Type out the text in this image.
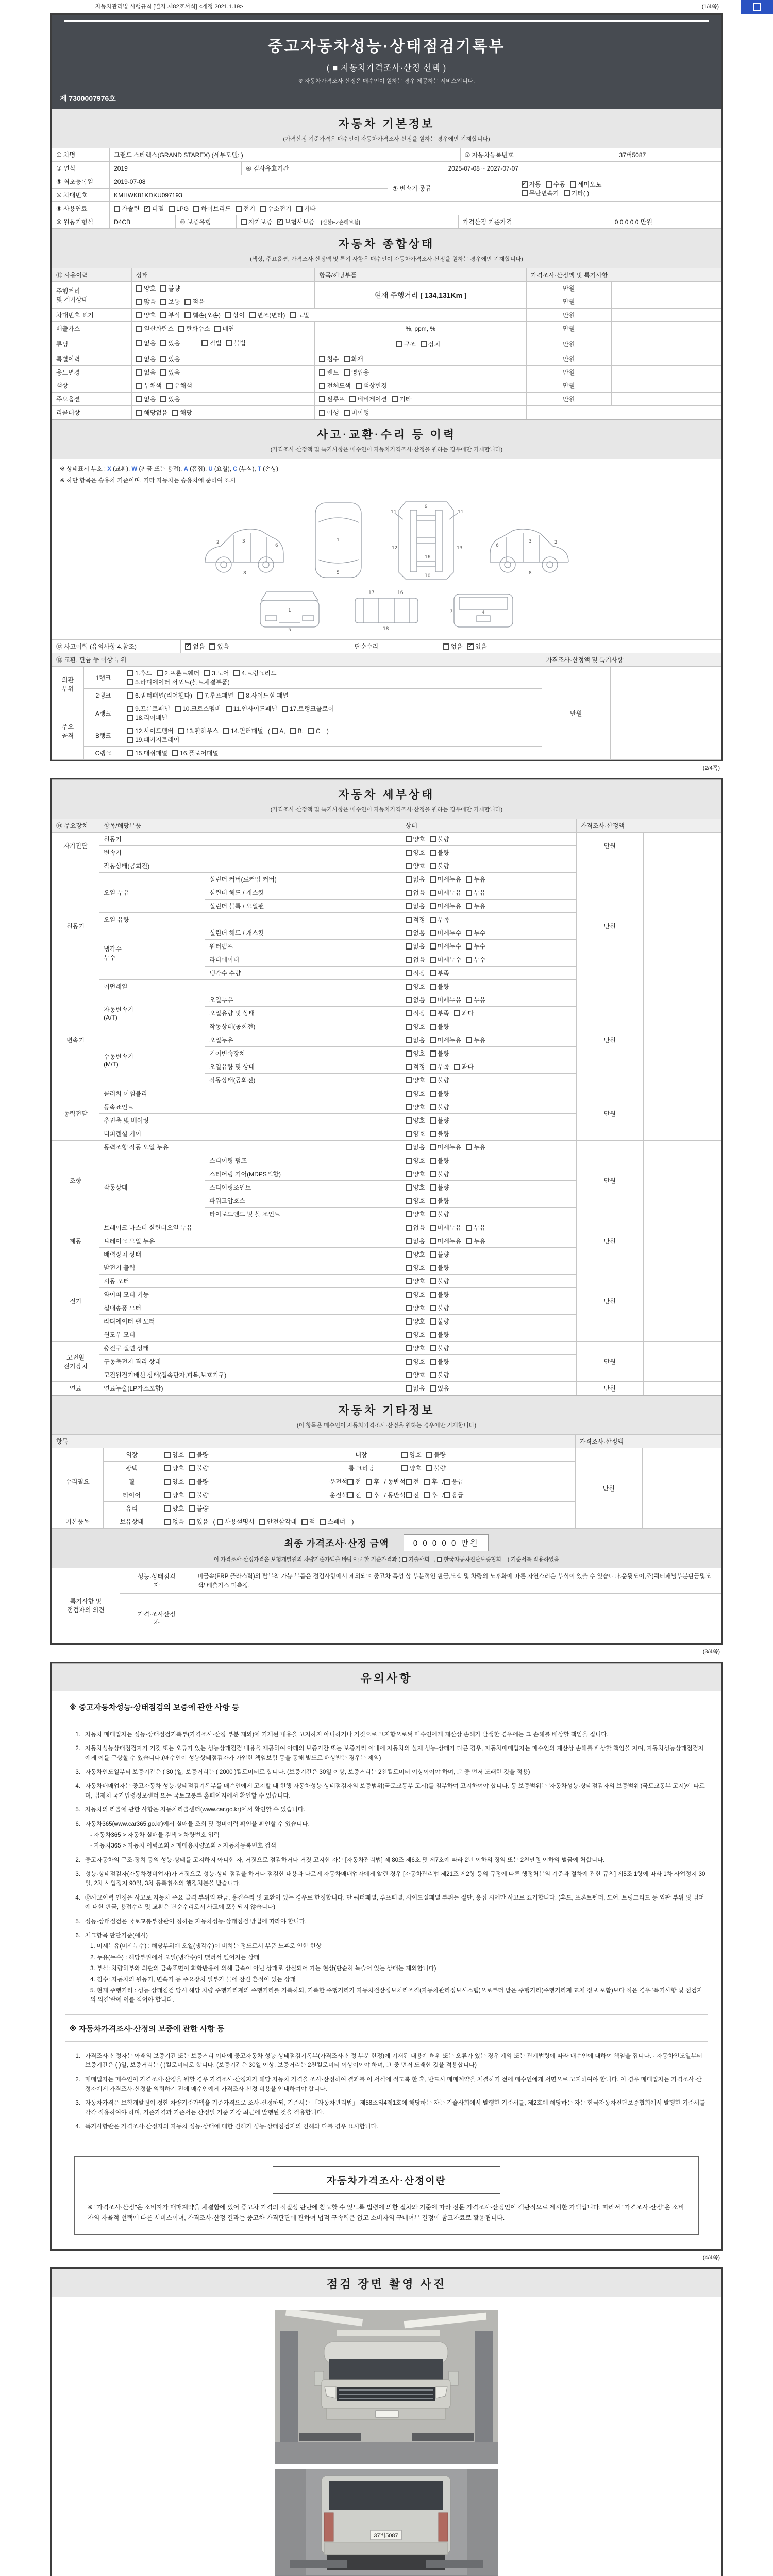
자동차관리법 시행규칙 [별지 제82호서식] <개정 2021.1.19>	(1/4쪽)
중고자동차성능·상태점검기록부
( ■ 자동차가격조사·산정 선택 )
※ 자동차가격조사·산정은 매수인이 원하는 경우 제공하는 서비스입니다.
제 7300007976호
자동차 기본정보
(가격산정 기준가격은 매수인이 자동차가격조사·산정을 원하는 경우에만 기재합니다)
① 차명	그랜드 스타렉스(GRAND STAREX) (세부모델: )	② 자동차등록번호	37버5087
③ 연식	2019	④ 검사유효기간	2025-07-08 ~ 2027-07-07
⑤ 최초등록일	2019-07-08	⑦ 변속기 종류	✓자동 수동 세미오토
무단변속기 기타( )
⑥ 차대번호	KMHWK81KDKU097193		
⑧ 사용연료	가솔린 ✓ 디젤 LPG 하이브리드 전기 수소전기 기타
⑨ 원동기형식	D4CB	⑩ 보증유형	자가보증 ✓ 보험사보증 [신한EZ손해보험]	가격산정 기준가격	0 0 0 0 0 만원
자동차 종합상태
(색상, 주요옵션, 가격조사·산정액 및 특기 사항은 매수인이 자동차가격조사·산정을 원하는 경우에만 기재합니다)
⑪ 사용이력	상태	항목/해당부품	가격조사·산정액 및 특기사항	
주행거리
및 계기상태	양호 불량	현재 주행거리 [ 134,131Km ]	만원	
	많음 보통 적음		만원	
차대번호 표기	양호 부식 훼손(오손) 상이 변조(변타) 도말		만원	
배출가스	일산화탄소 탄화수소 매연	%, ppm, %	만원	
튜닝	없음 있음 적법 불법	구조 장치	만원	
특별이력	없음 있음	침수 화재	만원	
용도변경	없음 있음	렌트 영업용	만원	
색상	무채색 유채색	전체도색 색상변경	만원	
주요옵션	없음 있음	썬루프 네비게이션 기타	만원	
리콜대상	해당없음 해당	이행 미이행		
사고·교환·수리 등 이력
(가격조사·산정액 및 특기사항은 매수인이 자동차가격조사·산정을 원하는 경우에만 기재합니다)
※ 상태표시 부호 : X (교환), W (판금 또는 용접), A (흠집), U (요철), C (부식), T (손상)
※ 하단 항목은 승용차 기준이며, 기타 자동차는 승용차에 준하여 표시
2	3
6
8
1
5
11	11
9
12	13
16
10
2
3
6
8
1
5
17	16
18
4
7
⑫ 사고이력 (유의사항 4.참조)	✓없음 있음	단순수리	없음 ✓ 있음
⑬ 교환, 판금 등 이상 부위			가격조사·산정액 및 특기사항	
외판
부위	1랭크	1.후드 2.프론트휀더 3.도어 4.트렁크리드
5.라디에이터 서포트(볼트체결부품)	만원	
	2랭크	6.쿼터패널(리어휀다) 7.루프패널 8.사이드실 패널		
주요
골격	A랭크	9.프론트패널 10.크로스멤버 11.인사이드패널 17.트렁크플로어
18.리어패널		
	B랭크	12.사이드멤버 13.휠하우스 14.필러패널 ( A, B, C )
19.패키지트레이		
	C랭크	15.대쉬패널 16.플로어패널		
(2/4쪽)
자동차 세부상태
(가격조사·산정액 및 특기사항은 매수인이 자동차가격조사·산정을 원하는 경우에만 기재합니다)
⑭ 주요장치	항목/해당부품		상태	가격조사·산정액	
자기진단	원동기		양호 불량	만원	
	변속기		양호 불량		
원동기	작동상태(공회전)		양호 불량	만원	
	오일 누유	실린더 커버(로커암 커버)	없음 미세누유 누유		
		실린더 헤드 / 개스킷	없음 미세누유 누유		
		실린더 블록 / 오일팬	없음 미세누유 누유		
	오일 유량		적정 부족		
	냉각수
누수	실린더 헤드 / 개스킷	없음 미세누수 누수		
		워터펌프	없음 미세누수 누수		
		라디에이터	없음 미세누수 누수		
		냉각수 수량	적정 부족		
	커먼레일		양호 불량		
변속기	자동변속기
(A/T)	오일누유	없음 미세누유 누유	만원	
		오일유량 및 상태	적정 부족 과다		
		작동상태(공회전)	양호 불량		
	수동변속기
(M/T)	오일누유	없음 미세누유 누유		
		기어변속장치	양호 불량		
		오일유량 및 상태	적정 부족 과다		
		작동상태(공회전)	양호 불량		
동력전달	클러치 어셈블리		양호 불량	만원	
	등속죠인트		양호 불량		
	추진축 및 베어링		양호 불량		
	디퍼렌셜 기어		양호 불량		
조향	동력조향 작동 오일 누유		없음 미세누유 누유	만원	
	작동상태	스티어링 펌프	양호 불량		
		스티어링 기어(MDPS포함)	양호 불량		
		스티어링조인트	양호 불량		
		파워고압호스	양호 불량		
		타이로드엔드 및 볼 조인트	양호 불량		
제동	브레이크 마스터 실린더오일 누유		없음 미세누유 누유	만원	
	브레이크 오일 누유		없음 미세누유 누유		
	배력장치 상태		양호 불량		
전기	발전기 출력		양호 불량	만원	
	시동 모터		양호 불량		
	와이퍼 모터 기능		양호 불량		
	실내송풍 모터		양호 불량		
	라디에이터 팬 모터		양호 불량		
	윈도우 모터		양호 불량		
고전원
전기장치	충전구 절연 상태		양호 불량	만원	
	구동축전지 격리 상태		양호 불량		
	고전원전기배선 상태(접속단자,피복,보호기구)		양호 불량		
연료	연료누출(LP가스포함)		없음 있음	만원	
자동차 기타정보
(이 항목은 매수인이 자동차가격조사·산정을 원하는 경우에만 기재합니다)
항목					가격조사·산정액	
수리필요	외장	양호 불량	내장	양호 불량	만원	
	광택	양호 불량	룸 크리닝	양호 불량		
	휠	양호 불량	운전석 전 후 / 동반석 전 후 / 응급			
	타이어	양호 불량	운전석 전 후 / 동반석 전 후 / 응급			
	유리	양호 불량				
기본품목	보유상태	없음 있음 ( 사용설명서 안전삼각대 잭 스패너 )				
최종 가격조사·산정 금액	0 0 0 0 0 만원
이 가격조사·산정가격은 보험개발원의 차량기준가액을 바탕으로 한 기준가격과 ( 기술사회 , 한국자동차진단보증협회 ) 기준서를 적용하였음
특기사항 및
점검자의 의견	성능·상태점검
자	비금속(FRP 플라스틱)의 탈부착 가능 부품은 점검사항에서 제외되며 중고차 특성 상 부분적인 판금,도색 및 차량의 노후화에 따른 자연스러운 부식이 있을 수 있습니다.운뒷도어,조)쿼터패널부분판금및도색/ 배출가스 미측정.
	가격·조사산정
자	
(3/4쪽)
유의사항
※ 중고자동차성능·상태점검의 보증에 관한 사항 등
1. 자동차 매매업자는 성능·상태점검기록부(가격조사·산정 부분 제외)에 기재된 내용을 고지하지 아니하거나 거짓으로 고지함으로써 매수인에게 재산상 손해가 발생한 경우에는 그 손해를 배상할 책임을 집니다.
2. 자동차성능상태점검자가 거짓 또는 오류가 있는 성능상태점검 내용을 제공하여 아래의 보증기간 또는 보증거리 이내에 자동차의 실제 성능·상태가 다른 경우, 자동차매매업자는 매수인의 재산상 손해를 배상할 책임을 지며, 자동차성능상태점검자에게 이를 구상할 수 있습니다.(매수인이 성능상태점검자가 가입한 책임보험 등을 통해 별도로 배상받는 경우는 제외)
3. 자동차인도일부터 보증기간은 ( 30 )일, 보증거리는 ( 2000 )킬로미터로 합니다. (보증기간은 30일 이상, 보증거리는 2천킬로미터 이상이어야 하며, 그 중 먼저 도래한 것을 적용)
4. 자동차매매업자는 중고자동차 성능·상태점검기록부를 매수인에게 고지할 때 현행 자동차성능·상태점검자의 보증범위(국토교통부 고시)를 첨부하여 고지하여야 합니다. 동 보증범위는 '자동차성능·상태점검자의 보증범위'(국토교통부 고시)에 따르며, 법제처 국가법령정보센터 또는 국토교통부 홈페이지에서 확인할 수 있습니다.
5. 자동차의 리콜에 관한 사항은 자동차리콜센터(www.car.go.kr)에서 확인할 수 있습니다.
6. 자동차365(www.car365.go.kr)에서 실매물 조회 및 정비이력 확인을 확인할 수 있습니다.
- 자동차365 > 자동차 실매물 검색 > 차량번호 입력
- 자동차365 > 자동차 이력조회 > 매매용차량조회 > 자동차등록번호 검색
2. 중고자동차의 구조·장치 등의 성능·상태를 고지하지 아니한 자, 거짓으로 점검하거나 거짓 고지한 자는 [자동차관리법] 제 80조 제6호 및 제7호에 따라 2년 이하의 징역 또는 2천만원 이하의 벌금에 처합니다.
3. 성능·상태점검자(자동차정비업자)가 거짓으로 성능·상태 점검을 하거나 점검한 내용과 다르게 자동차매매업자에게 알린 경우 [자동차관리법 제21조 제2항 등의 규정에 따른 행정처분의 기준과 절차에 관한 규칙] 제5조 1항에 따라 1차 사업정지 30일, 2차 사업정지 90일, 3차 등록취소의 행정처분을 받습니다.
4. ⑫사고이력 인정은 사고로 자동차 주요 골격 부위의 판금, 용접수리 및 교환이 있는 경우로 한정합니다. 단 쿼터패널, 루프패널, 사이드실패널 부위는 절단, 용접 시에만 사고로 표기합니다. (후드, 프론트펜더, 도어, 트렁크리드 등 외판 부위 및 범퍼에 대한 판금, 용접수리 및 교환은 단순수리로서 사고에 포함되지 않습니다)
5. 성능·상태점검은 국토교통부장관이 정하는 자동차성능·상태점검 방법에 따라야 합니다.
6. 체크항목 판단기준(예시)
1. 미세누유(미세누수) : 해당부위에 오일(냉각수)이 비치는 정도로서 부품 노후로 인한 현상
2. 누유(누수) : 해당부위에서 오일(냉각수)이 맺혀서 떨어지는 상태
3. 부식: 차량하부와 외판의 금속표면이 화학반응에 의해 금속이 아닌 상태로 상실되어 가는 현상(단순히 녹슬어 있는 상태는 제외합니다)
4. 침수: 자동차의 원동기, 변속기 등 주요장치 일부가 물에 잠긴 흔적이 있는 상태
5. 현재 주행거리 : 성능·상태점검 당시 해당 차량 주행거리계의 주행거리를 기록하되, 기록한 주행거리가 자동차전산정보처리조직(자동차관리정보시스템)으로부터 받은 주행거리(주행거리계 교체 정보 포함)보다 적은 경우 '특기사항 및 점검자의 의견'란에 이를 적어야 합니다.
※ 자동차가격조사·산정의 보증에 관한 사항 등
1. 가격조사·산정자는 아래의 보증기간 또는 보증거리 이내에 중고자동차 성능·상태점검기록부(가격조사·산정 부분 한정)에 기재된 내용에 허위 또는 오류가 있는 경우 계약 또는 관계법령에 따라 매수인에 대하여 책임을 집니다. · 자동차인도일부터 보증기간은 ( )일, 보증거리는 ( )킬로미터로 합니다. (보증기간은 30일 이상, 보증거리는 2천킬로미터 이상이어야 하며, 그 중 먼저 도래한 것을 적용합니다)
2. 매매업자는 매수인이 가격조사·산정을 원할 경우 가격조사·산정자가 해당 자동차 가격을 조사·산정하여 결과를 이 서식에 적도록 한 후, 반드시 매매계약을 체결하기 전에 매수인에게 서면으로 고지하여야 합니다. 이 경우 매매업자는 가격조사·산정자에게 가격조사·산정을 의뢰하기 전에 매수인에게 가격조사·산정 비용을 안내하여야 합니다.
3. 자동차가격은 보험개발원이 정한 차량기준가액을 기준가격으로 조사·산정하되, 기준서는 「자동차관리법」 제58조의4제1호에 해당하는 자는 기술사회에서 발행한 기준서를, 제2호에 해당하는 자는 한국자동차진단보증협회에서 발행한 기준서를 각각 적용하여야 하며, 기준가격과 기준서는 산정일 기준 가장 최근에 발행된 것을 적용합니다.
4. 특기사항란은 가격조사·산정자의 자동차 성능·상태에 대한 견해가 성능·상태점검자의 견해와 다를 경우 표시합니다.
자동차가격조사·산정이란
※ "가격조사·산정"은 소비자가 매매계약을 체결함에 있어 중고차 가격의 적절성 판단에 참고할 수 있도록 법령에 의한 절차와 기준에 따라 전문 가격조사·산정인이 객관적으로 제시한 가액입니다. 따라서 "가격조사·산정"은 소비자의 자율적 선택에 따른 서비스이며, 가격조사·산정 결과는 중고차 가격판단에 관하여 법적 구속력은 없고 소비자의 구매여부 결정에 참고자료로 활용됩니다.
(4/4쪽)
점검 장면 촬영 사진
37버5087
